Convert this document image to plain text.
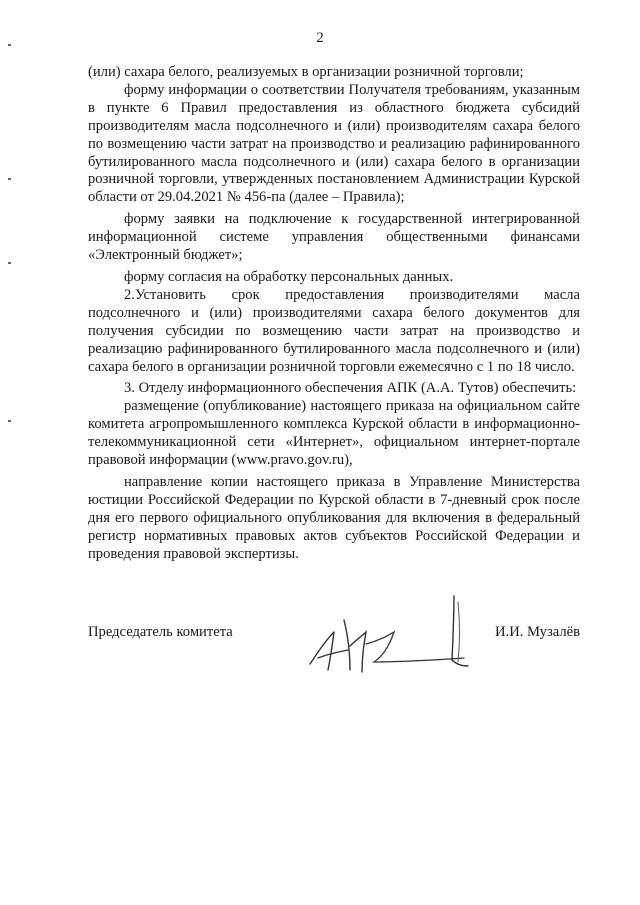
2

(или) сахара белого, реализуемых в организации розничной торговли;

форму информации о соответствии Получателя требованиям, указанным в пункте 6 Правил предоставления из областного бюджета субсидий производителям масла подсолнечного и (или) производителям сахара белого по возмещению части затрат на производство и реализацию рафинированного бутилированного масла подсолнечного и (или) сахара белого в организации розничной торговли, утвержденных постановлением Администрации Курской области от 29.04.2021 № 456-па (далее – Правила);

форму заявки на подключение к государственной интегрированной информационной системе управления общественными финансами «Электронный бюджет»;

форму согласия на обработку персональных данных.

2.Установить срок предоставления производителями масла подсолнечного и (или) производителями сахара белого документов для получения субсидии по возмещению части затрат на производство и реализацию рафинированного бутилированного масла подсолнечного и (или) сахара белого в организации розничной торговли ежемесячно с 1 по 18 число.

3. Отделу информационного обеспечения АПК (А.А. Тутов) обеспечить:

размещение (опубликование) настоящего приказа на официальном сайте комитета агропромышленного комплекса Курской области в информационно-телекоммуникационной сети «Интернет», официальном интернет-портале правовой информации (www.pravo.gov.ru),

направление копии настоящего приказа в Управление Министерства юстиции Российской Федерации по Курской области в 7-дневный срок после дня его первого официального опубликования для включения в федеральный регистр нормативных правовых актов субъектов Российской Федерации и проведения правовой экспертизы.

Председатель комитета	И.И. Музалёв
